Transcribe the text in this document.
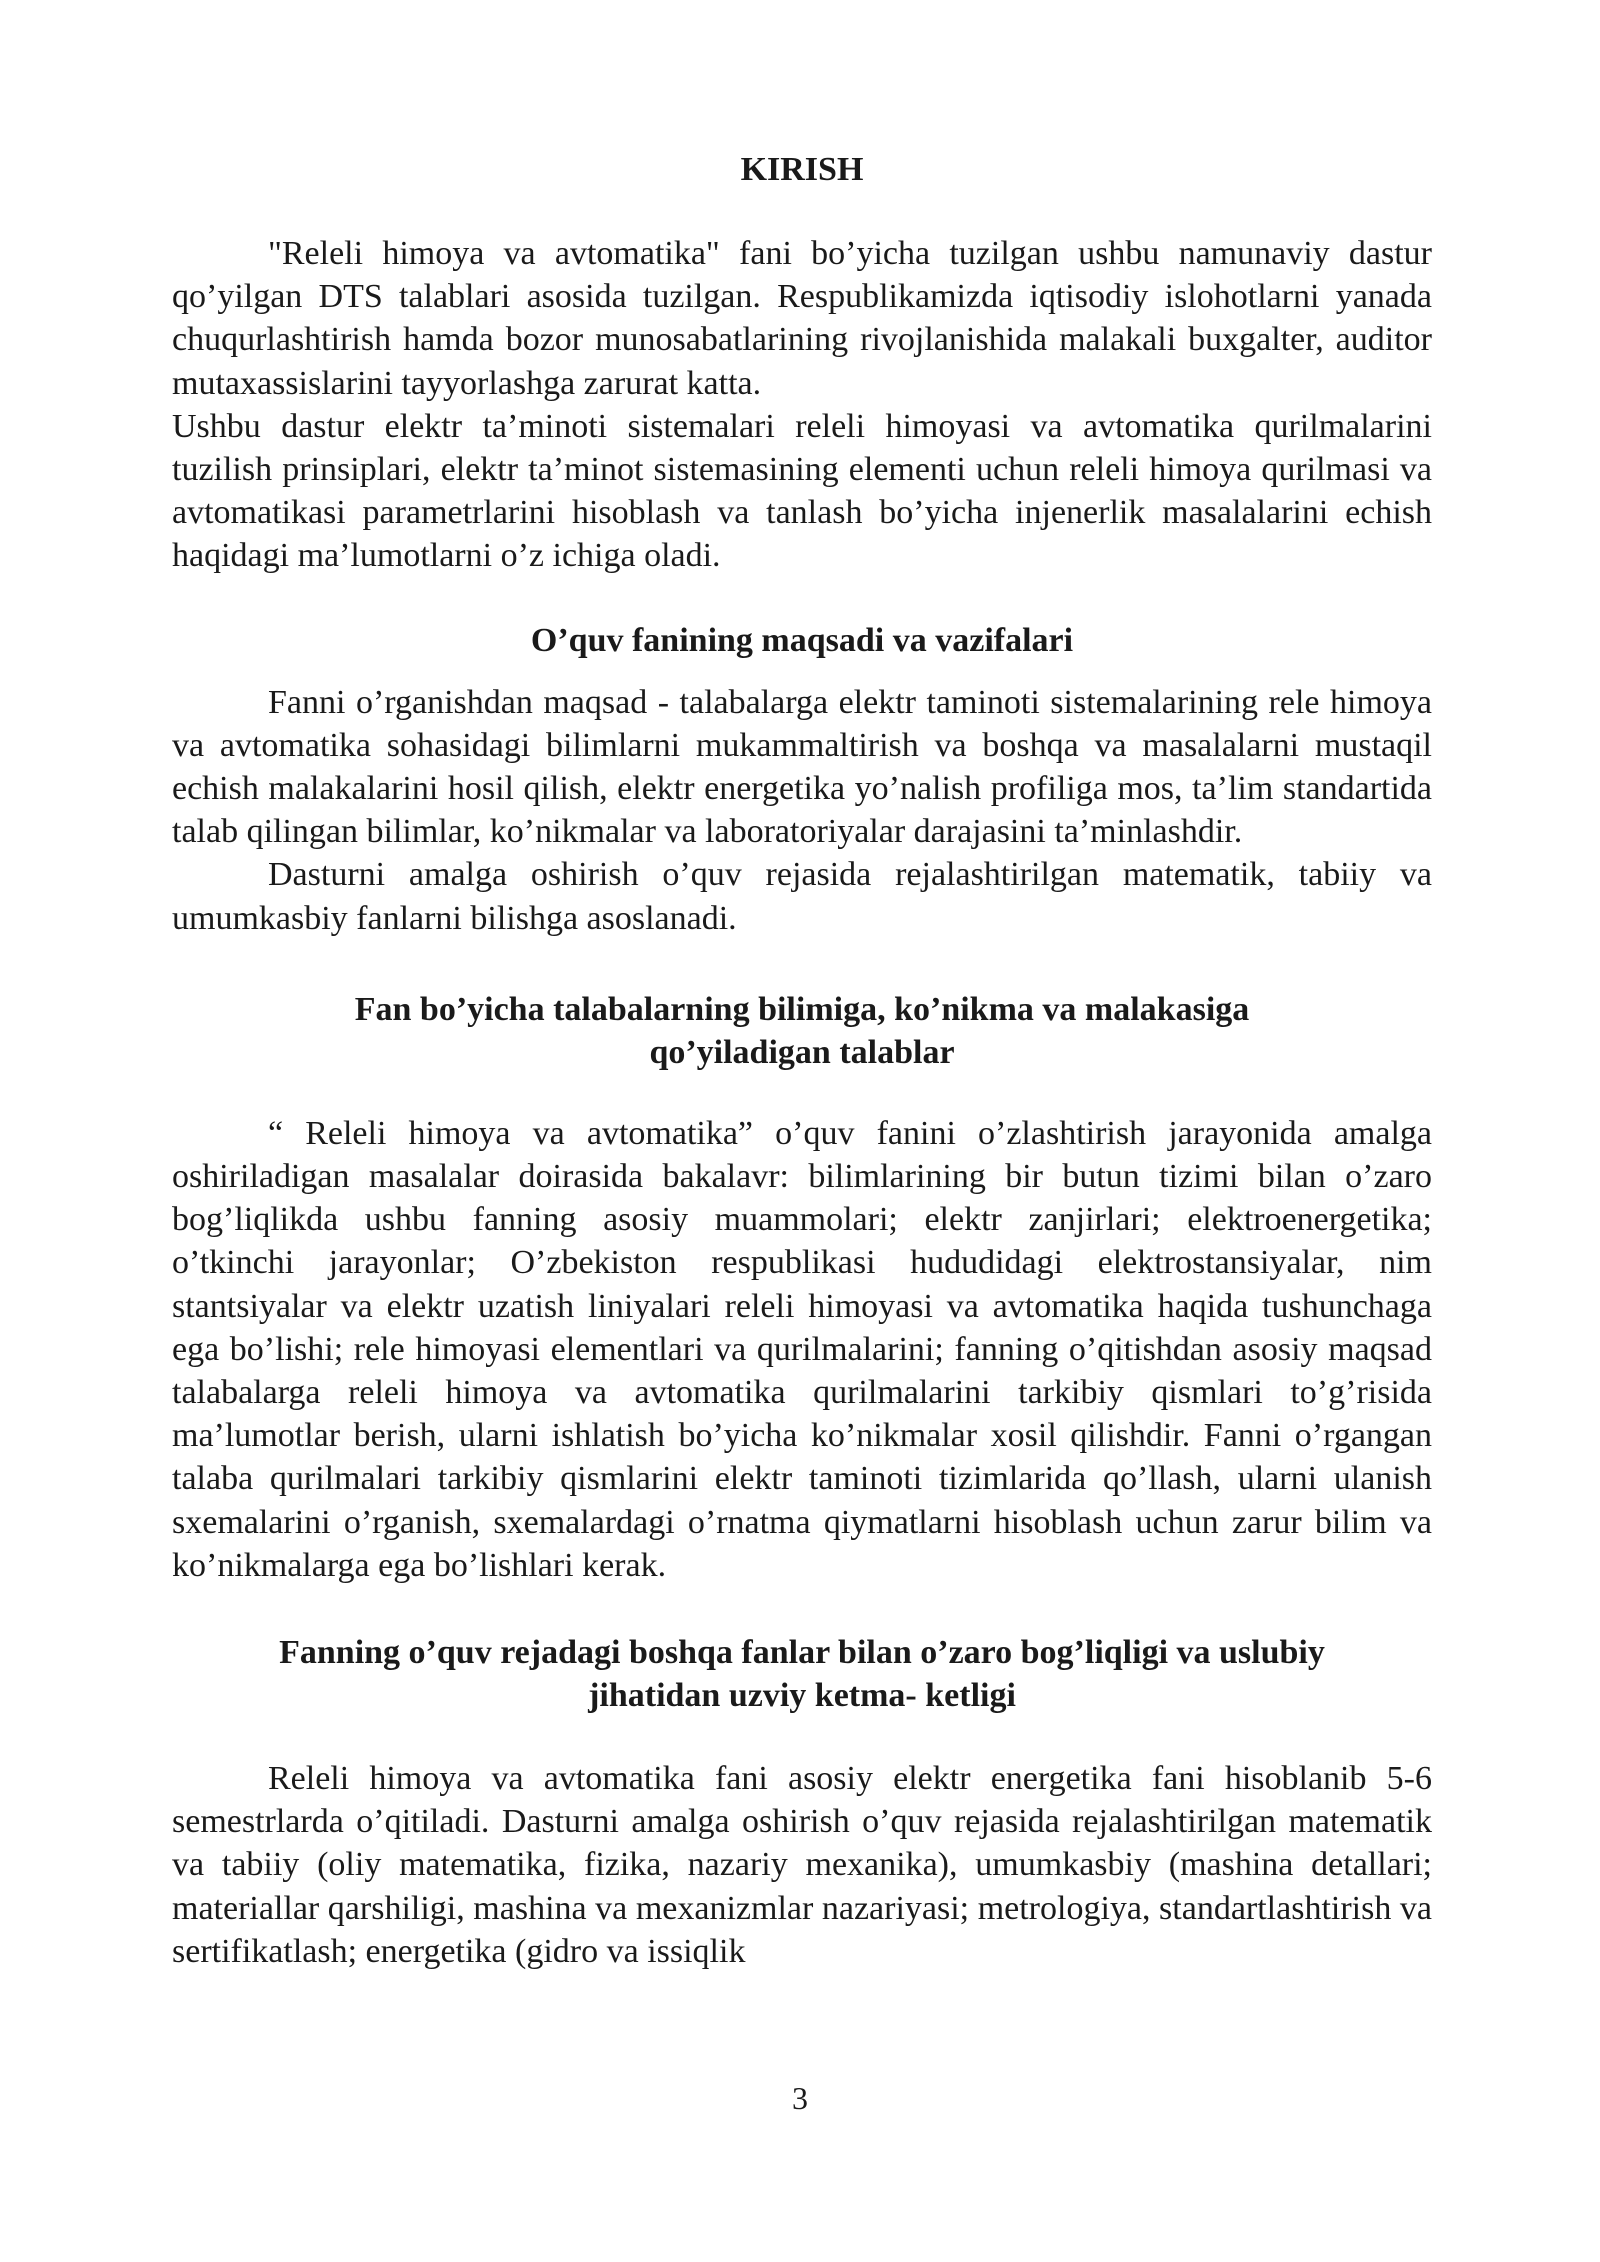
KIRISH

"Releli himoya va avtomatika" fani bo’yicha tuzilgan ushbu namunaviy dastur qo’yilgan DTS talablari asosida tuzilgan. Respublikamizda iqtisodiy islohotlarni yanada chuqurlashtirish hamda bozor munosabatlarining rivojlanishida malakali buxgalter, auditor mutaxassislarini tayyorlashga zarurat katta.

Ushbu dastur elektr ta’minoti sistemalari releli himoyasi va avtomatika qurilmalarini tuzilish prinsiplari, elektr ta’minot sistemasining elementi uchun releli himoya qurilmasi va avtomatikasi parametrlarini hisoblash va tanlash bo’yicha injenerlik masalalarini echish haqidagi ma’lumotlarni o’z ichiga oladi.

O’quv fanining maqsadi va vazifalari

Fanni o’rganishdan maqsad - talabalarga elektr taminoti sistemalarining rele himoya va avtomatika sohasidagi bilimlarni mukammaltirish va boshqa va masalalarni mustaqil echish malakalarini hosil qilish, elektr energetika yo’nalish profiliga mos, ta’lim standartida talab qilingan bilimlar, ko’nikmalar va laboratoriyalar darajasini ta’minlashdir.

Dasturni amalga oshirish o’quv rejasida rejalashtirilgan matematik, tabiiy va umumkasbiy fanlarni bilishga asoslanadi.

Fan bo’yicha talabalarning bilimiga, ko’nikma va malakasiga
qo’yiladigan talablar

“ Releli himoya va avtomatika” o’quv fanini o’zlashtirish jarayonida amalga oshiriladigan masalalar doirasida bakalavr: bilimlarining bir butun tizimi bilan o’zaro bog’liqlikda ushbu fanning asosiy muammolari; elektr zanjirlari; elektroenergetika; o’tkinchi jarayonlar; O’zbekiston respublikasi hududidagi elektrostansiyalar, nim stantsiyalar va elektr uzatish liniyalari releli himoyasi va avtomatika haqida tushunchaga ega bo’lishi; rele himoyasi elementlari va qurilmalarini; fanning o’qitishdan asosiy maqsad talabalarga releli himoya va avtomatika qurilmalarini tarkibiy qismlari to’g’risida ma’lumotlar berish, ularni ishlatish bo’yicha ko’nikmalar xosil qilishdir. Fanni o’rgangan talaba qurilmalari tarkibiy qismlarini elektr taminoti tizimlarida qo’llash, ularni ulanish sxemalarini o’rganish, sxemalardagi o’rnatma qiymatlarni hisoblash uchun zarur bilim va ko’nikmalarga ega bo’lishlari kerak.

Fanning o’quv rejadagi boshqa fanlar bilan o’zaro bog’liqligi va uslubiy
jihatidan uzviy ketma- ketligi

Releli himoya va avtomatika fani asosiy elektr energetika fani hisoblanib 5-6 semestrlarda o’qitiladi. Dasturni amalga oshirish o’quv rejasida rejalashtirilgan matematik va tabiiy (oliy matematika, fizika, nazariy mexanika), umumkasbiy (mashina detallari; materiallar qarshiligi, mashina va mexanizmlar nazariyasi; metrologiya, standartlashtirish va sertifikatlash; energetika (gidro va issiqlik

3
